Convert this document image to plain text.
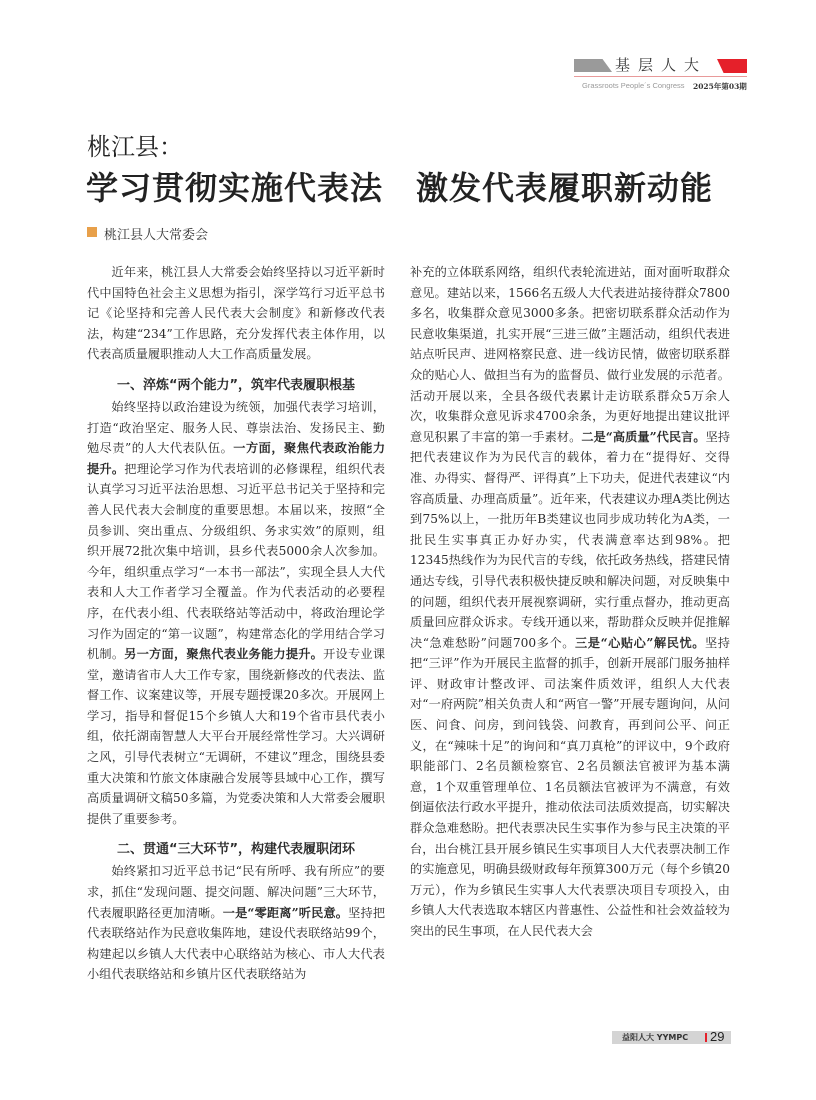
基层人大
Grassroots People´s Congress 2025年第03期
桃江县：
学习贯彻实施代表法　激发代表履职新动能
桃江县人大常委会

近年来，桃江县人大常委会始终坚持以习近平新时代中国特色社会主义思想为指引，深学笃行习近平总书记《论坚持和完善人民代表大会制度》和新修改代表法，构建“234”工作思路，充分发挥代表主体作用，以代表高质量履职推动人大工作高质量发展。

一、淬炼“两个能力”，筑牢代表履职根基

始终坚持以政治建设为统领，加强代表学习培训，打造“政治坚定、服务人民、尊崇法治、发扬民主、勤勉尽责”的人大代表队伍。一方面，聚焦代表政治能力提升。把理论学习作为代表培训的必修课程，组织代表认真学习习近平法治思想、习近平总书记关于坚持和完善人民代表大会制度的重要思想。本届以来，按照“全员参训、突出重点、分级组织、务求实效”的原则，组织开展72批次集中培训，县乡代表5000余人次参加。今年，组织重点学习“一本书一部法”，实现全县人大代表和人大工作者学习全覆盖。作为代表活动的必要程序，在代表小组、代表联络站等活动中，将政治理论学习作为固定的“第一议题”，构建常态化的学用结合学习机制。另一方面，聚焦代表业务能力提升。开设专业课堂，邀请省市人大工作专家，围绕新修改的代表法、监督工作、议案建议等，开展专题授课20多次。开展网上学习，指导和督促15个乡镇人大和19个省市县代表小组，依托湖南智慧人大平台开展经常性学习。大兴调研之风，引导代表树立“无调研，不建议”理念，围绕县委重大决策和竹旅文体康融合发展等县域中心工作，撰写高质量调研文稿50多篇，为党委决策和人大常委会履职提供了重要参考。

二、贯通“三大环节”，构建代表履职闭环

始终紧扣习近平总书记“民有所呼、我有所应”的要求，抓住“发现问题、提交问题、解决问题”三大环节，代表履职路径更加清晰。一是“零距离”听民意。坚持把代表联络站作为民意收集阵地，建设代表联络站99个，构建起以乡镇人大代表中心联络站为核心、市人大代表小组代表联络站和乡镇片区代表联络站为

补充的立体联系网络，组织代表轮流进站，面对面听取群众意见。建站以来，1566名五级人大代表进站接待群众7800多名，收集群众意见3000多条。把密切联系群众活动作为民意收集渠道，扎实开展“三进三做”主题活动，组织代表进站点听民声、进网格察民意、进一线访民情，做密切联系群众的贴心人、做担当有为的监督员、做行业发展的示范者。活动开展以来，全县各级代表累计走访联系群众5万余人次，收集群众意见诉求4700余条，为更好地提出建议批评意见积累了丰富的第一手素材。二是“高质量”代民言。坚持把代表建议作为为民代言的载体，着力在“提得好、交得准、办得实、督得严、评得真”上下功夫，促进代表建议“内容高质量、办理高质量”。近年来，代表建议办理A类比例达到75%以上，一批历年B类建议也同步成功转化为A类，一批民生实事真正办好办实，代表满意率达到98%。把12345热线作为为民代言的专线，依托政务热线，搭建民情通达专线，引导代表积极快捷反映和解决问题，对反映集中的问题，组织代表开展视察调研，实行重点督办，推动更高质量回应群众诉求。专线开通以来，帮助群众反映并促推解决“急难愁盼”问题700多个。三是“心贴心”解民忧。坚持把“三评”作为开展民主监督的抓手，创新开展部门服务抽样评、财政审计整改评、司法案件质效评，组织人大代表对“一府两院”相关负责人和“两官一警”开展专题询问，从问医、问食、问房，到问钱袋、问教育，再到问公平、问正义，在“辣味十足”的询问和“真刀真枪”的评议中，9个政府职能部门、2名员额检察官、2名员额法官被评为基本满意，1个双重管理单位、1名员额法官被评为不满意，有效倒逼依法行政水平提升，推动依法司法质效提高，切实解决群众急难愁盼。把代表票决民生实事作为参与民主决策的平台，出台桃江县开展乡镇民生实事项目人大代表票决制工作的实施意见，明确县级财政每年预算300万元（每个乡镇20万元），作为乡镇民生实事人大代表票决项目专项投入，由乡镇人大代表选取本辖区内普惠性、公益性和社会效益较为突出的民生事项，在人民代表大会

益阳人大 YYMPC 29
